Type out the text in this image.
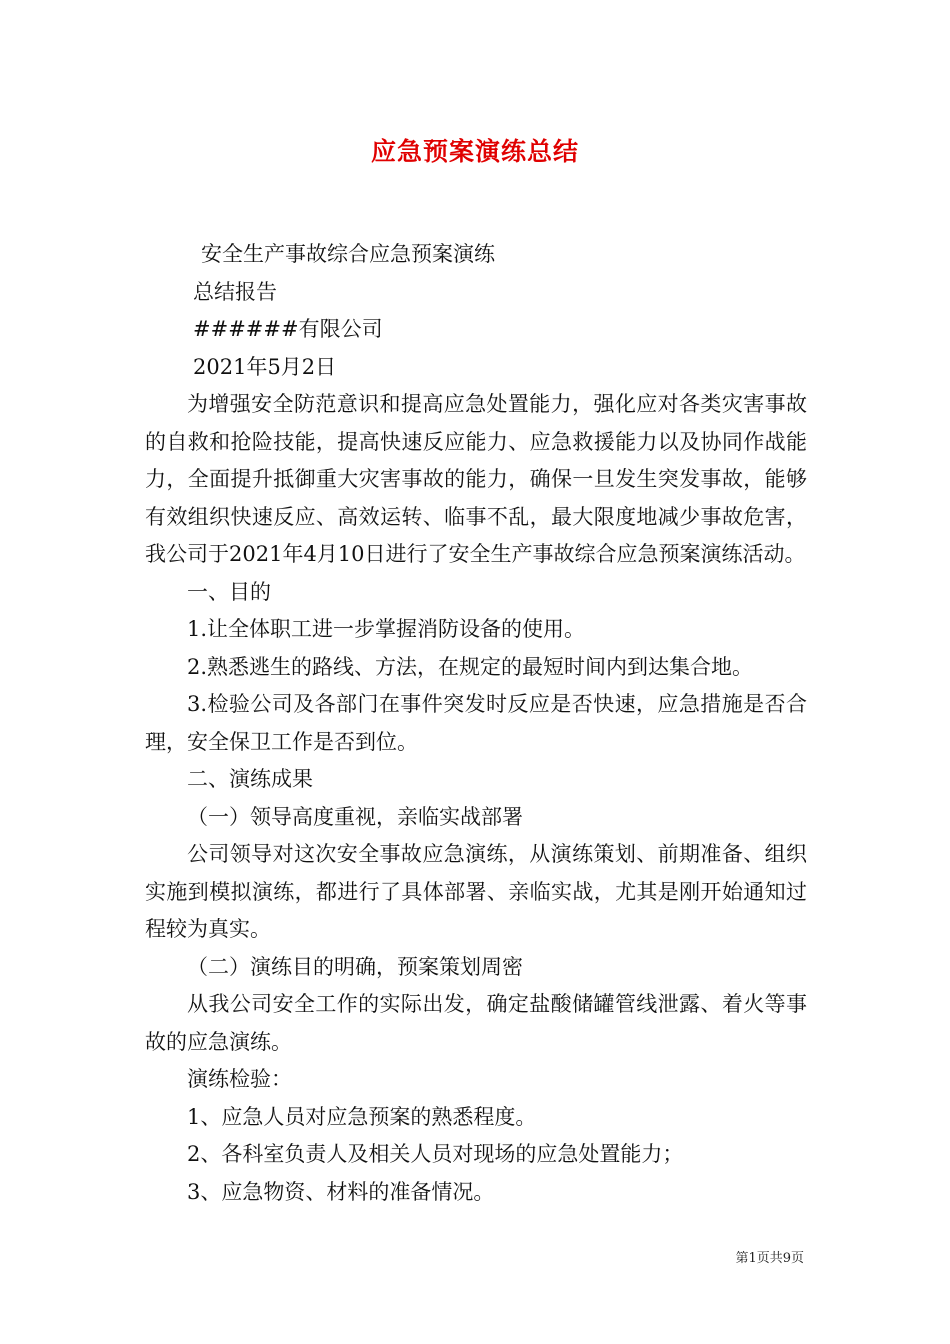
应急预案演练总结

安全生产事故综合应急预案演练

总结报告

######有限公司

2021年5月2日

为增强安全防范意识和提高应急处置能力，强化应对各类灾害事故的自救和抢险技能，提高快速反应能力、应急救援能力以及协同作战能力，全面提升抵御重大灾害事故的能力，确保一旦发生突发事故，能够有效组织快速反应、高效运转、临事不乱，最大限度地减少事故危害，我公司于2021年4月10日进行了安全生产事故综合应急预案演练活动。

一、目的

1.让全体职工进一步掌握消防设备的使用。

2.熟悉逃生的路线、方法，在规定的最短时间内到达集合地。

3.检验公司及各部门在事件突发时反应是否快速，应急措施是否合理，安全保卫工作是否到位。

二、演练成果

（一）领导高度重视，亲临实战部署

公司领导对这次安全事故应急演练，从演练策划、前期准备、组织实施到模拟演练，都进行了具体部署、亲临实战，尤其是刚开始通知过程较为真实。

（二）演练目的明确，预案策划周密

从我公司安全工作的实际出发，确定盐酸储罐管线泄露、着火等事故的应急演练。

演练检验：

1、应急人员对应急预案的熟悉程度。

2、各科室负责人及相关人员对现场的应急处置能力；

3、应急物资、材料的准备情况。

第1页共9页
